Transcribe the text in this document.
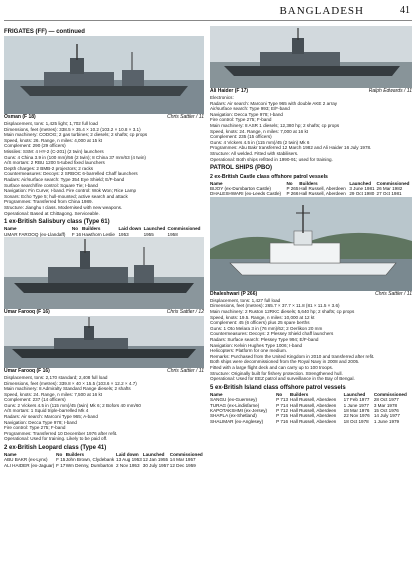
BANGLADESH	41
FRIGATES (FF) — continued
Osman (F 18)	Chris Sattler / 11
Displacement, tons: 1,425 light; 1,702 full load
Dimensions, feet (metres): 338.5 × 35.4 × 10.2 (103.2 × 10.8 × 3.1)
Main machinery: CODOG; 2 gas turbines; 2 diesels; 2 shafts; cp props
Speed, knots: 26. Range, n miles: 4,000 at 15 kt
Complement: 290 (29 officers)
Missiles: SSM: 4 HY-2 (C-201) (2 twin) launchers
Guns: 4 China 3.9 in (100 mm)/56 (2 twin); 8 China 37 mm/63 (4 twin)
A/S mortars: 2 RBU 1200 5-tubed fixed launchers
Depth charges: 2 BMB-2 projectors; 2 racks
Countermeasures: Decoys: 2 SRBOC 6-barrelled Chaff launchers
Radars: Air/surface search: Type 354 Eye Shield; E/F-band
Surface search/fire control: Square Tie; I-band
Navigation: Fin Curve; I-band. Fire control: Wok Won; Rice Lamp
Sonars: Echo Type 5; hull-mounted; active search and attack
Programmes: Transferred from China 1989.
Structure: Jianghu I class. Modernised with new weapons.
Operational: Based at Chittagong. Serviceable.
1 ex-British Salisbury class (Type 61)
Name	No	Builders	Laid down	Launched	Commissioned
UMAR FAROOQ (ex-Llandaff)	F 16	Hawthorn Leslie	1953	1955	1958
Umar Farooq (F 16)	Chris Sattler / 12
Umar Farooq (F 16)	Chris Sattler / 11
Displacement, tons: 2,170 standard; 2,408 full load
Dimensions, feet (metres): 339.8 × 40 × 15.5 (103.6 × 12.2 × 4.7)
Main machinery: 8 Admiralty Standard Range diesels; 2 shafts
Speed, knots: 24. Range, n miles: 7,500 at 16 kt
Complement: 237 (14 officers)
Guns: 2 Vickers 4.5 in (115 mm)/45 (twin) Mk 6; 2 Bofors 40 mm/60
A/S mortars: 1 Squid triple-barrelled Mk 4
Radars: Air search: Marconi Type 965; A-band
Navigation: Decca Type 978; I-band
Fire control: Type 275; F-band
Programmes: Transferred 10 December 1976 after refit.
Operational: Used for training. Likely to be paid off.
2 ex-British Leopard class (Type 41)
Name	No	Builders	Laid down	Launched	Commissioned
ABU BAKR (ex-Lynx)	F 15	John Brown, Clydebank	13 Aug 1953	12 Jan 1955	14 Mar 1957
ALI HAIDER (ex-Jaguar)	F 17	Wm Denny, Dumbarton	2 Nov 1953	30 July 1957	12 Dec 1959
Ali Haider (F 17)	Ralph Edwards / 11
Electronics:
Radars: Air search: Marconi Type 965 with double AKE 2 array
Air/surface search: Type 993; E/F-band
Navigation: Decca Type 978; I-band
Fire control: Type 275; F-band
Main machinery: 8 ASR 1 diesels; 12,380 hp; 2 shafts; cp props
Speed, knots: 24. Range, n miles: 7,000 at 16 kt
Complement: 235 (15 officers)
Guns: 4 Vickers 4.5 in (115 mm)/45 (2 twin) Mk 6
Programmes: Abu Bakr transferred 12 March 1982 and Ali Haider 16 July 1978.
Structure: All welded. Fitted with stabilisers.
Operational: Both ships refitted in 1990-91; used for training.
PATROL SHIPS (PBO)
2 ex-British Castle class offshore patrol vessels
Name	No	Builders	Launched	Commissioned
BIJOY (ex-Dumbarton Castle)	P 265	Hall Russell, Aberdeen	3 June 1981	26 Mar 1982
DHALESHWARI (ex-Leeds Castle)	P 266	Hall Russell, Aberdeen	29 Oct 1980	27 Oct 1981
Dhaleshwari (P 266)	Chris Sattler / 11
Displacement, tons: 1,427 full load
Dimensions, feet (metres): 265.7 × 37.7 × 11.8 (81 × 11.5 × 3.6)
Main machinery: 2 Ruston 12RKC diesels; 5,640 hp; 2 shafts; cp props
Speed, knots: 19.5. Range, n miles: 10,000 at 12 kt
Complement: 45 (6 officers) plus 25 spare berths
Guns: 1 Oto Melara 3 in (76 mm)/62; 2 Oerlikon 20 mm
Countermeasures: Decoys: 2 Plessey Shield chaff launchers
Radars: Surface search: Plessey Type 994; E/F-band
Navigation: Kelvin Hughes Type 1006; I-band
Helicopters: Platform for one medium.
Remarks: Purchased from the United Kingdom in 2010 and transferred after refit.
Both ships were decommissioned from the Royal Navy in 2008 and 2005.
Fitted with a large flight deck and can carry up to 100 troops.
Structure: Originally built for fishery protection. Strengthened hull.
Operational: Used for EEZ patrol and surveillance in the Bay of Bengal.
5 ex-British Island class offshore patrol vessels
Name	No	Builders	Launched	Commissioned
SANGU (ex-Guernsey)	P 713	Hall Russell, Aberdeen	17 Feb 1977	28 Oct 1977
TURAG (ex-Lindisfarne)	P 714	Hall Russell, Aberdeen	1 June 1977	3 Mar 1978
KAPOTAKSHMI (ex-Jersey)	P 712	Hall Russell, Aberdeen	18 Mar 1976	15 Oct 1976
SHAPLA (ex-Shetland)	P 715	Hall Russell, Aberdeen	22 Nov 1976	14 July 1977
SHALIMAR (ex-Anglesey)	P 716	Hall Russell, Aberdeen	18 Oct 1978	1 June 1979
